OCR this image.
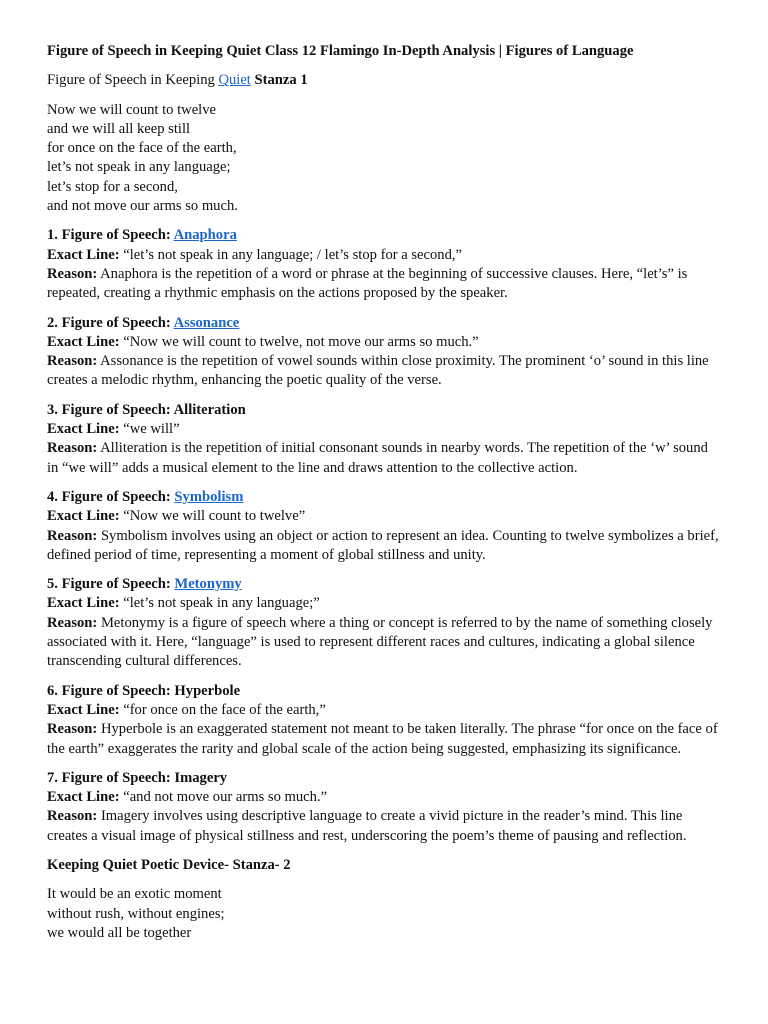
Figure of Speech in Keeping Quiet Class 12 Flamingo In-Depth Analysis | Figures of Language
Figure of Speech in Keeping Quiet Stanza 1
Now we will count to twelve
and we will all keep still
for once on the face of the earth,
let’s not speak in any language;
let’s stop for a second,
and not move our arms so much.
1. Figure of Speech: Anaphora
Exact Line: “let’s not speak in any language; / let’s stop for a second,”
Reason: Anaphora is the repetition of a word or phrase at the beginning of successive clauses. Here, “let’s” is repeated, creating a rhythmic emphasis on the actions proposed by the speaker.
2. Figure of Speech: Assonance
Exact Line: “Now we will count to twelve, not move our arms so much.”
Reason: Assonance is the repetition of vowel sounds within close proximity. The prominent ‘o’ sound in this line creates a melodic rhythm, enhancing the poetic quality of the verse.
3. Figure of Speech: Alliteration
Exact Line: “we will”
Reason: Alliteration is the repetition of initial consonant sounds in nearby words. The repetition of the ‘w’ sound in “we will” adds a musical element to the line and draws attention to the collective action.
4. Figure of Speech: Symbolism
Exact Line: “Now we will count to twelve”
Reason: Symbolism involves using an object or action to represent an idea. Counting to twelve symbolizes a brief, defined period of time, representing a moment of global stillness and unity.
5. Figure of Speech: Metonymy
Exact Line: “let’s not speak in any language;”
Reason: Metonymy is a figure of speech where a thing or concept is referred to by the name of something closely associated with it. Here, “language” is used to represent different races and cultures, indicating a global silence transcending cultural differences.
6. Figure of Speech: Hyperbole
Exact Line: “for once on the face of the earth,”
Reason: Hyperbole is an exaggerated statement not meant to be taken literally. The phrase “for once on the face of the earth” exaggerates the rarity and global scale of the action being suggested, emphasizing its significance.
7. Figure of Speech: Imagery
Exact Line: “and not move our arms so much.”
Reason: Imagery involves using descriptive language to create a vivid picture in the reader’s mind. This line creates a visual image of physical stillness and rest, underscoring the poem’s theme of pausing and reflection.
Keeping Quiet Poetic Device- Stanza- 2
It would be an exotic moment
without rush, without engines;
we would all be together
